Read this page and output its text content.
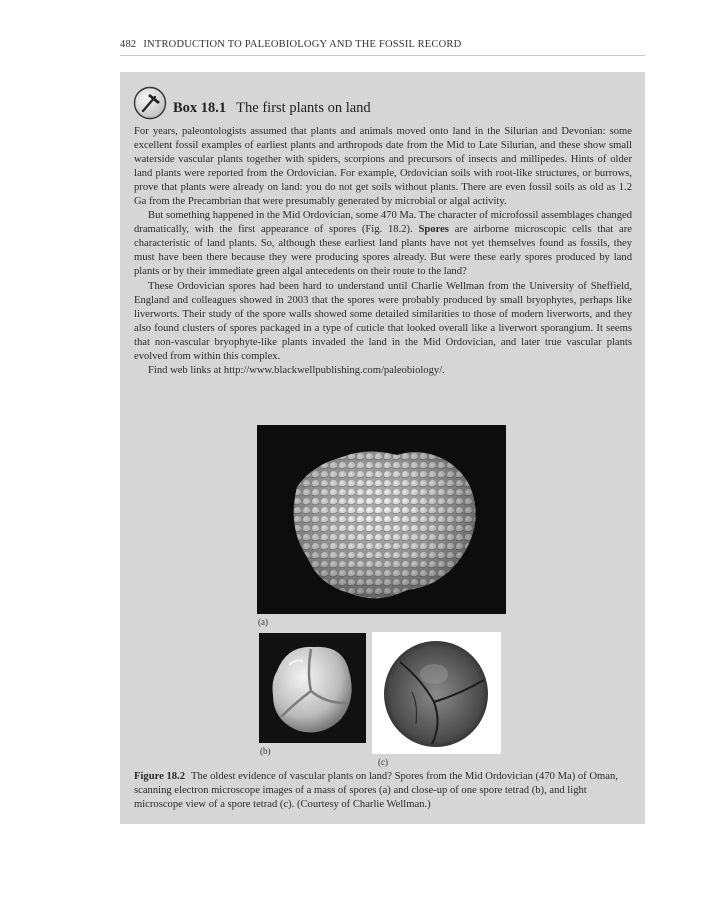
482 INTRODUCTION TO PALEOBIOLOGY AND THE FOSSIL RECORD
Box 18.1 The first plants on land

For years, paleontologists assumed that plants and animals moved onto land in the Silurian and Devonian: some excellent fossil examples of earliest plants and arthropods date from the Mid to Late Silurian, and these show small waterside vascular plants together with spiders, scorpions and precursors of insects and millipedes. Hints of older land plants were reported from the Ordovician. For example, Ordovician soils with root-like structures, or burrows, prove that plants were already on land: you do not get soils without plants. There are even fossil soils as old as 1.2 Ga from the Precambrian that were presumably generated by microbial or algal activity.

But something happened in the Mid Ordovician, some 470 Ma. The character of microfossil assemblages changed dramatically, with the first appearance of spores (Fig. 18.2). Spores are airborne microscopic cells that are characteristic of land plants. So, although these earliest land plants have not yet themselves found as fossils, they must have been there because they were producing spores already. But were these early spores produced by land plants or by their immediate green algal antecedents on their route to the land?

These Ordovician spores had been hard to understand until Charlie Wellman from the University of Sheffield, England and colleagues showed in 2003 that the spores were probably produced by small bryophytes, perhaps like liverworts. Their study of the spore walls showed some detailed similarities to those of modern liverworts, and they also found clusters of spores packaged in a type of cuticle that looked overall like a liverwort sporangium. It seems that non-vascular bryophyte-like plants invaded the land in the Mid Ordovician, and later true vascular plants evolved from within this complex.

Find web links at http://www.blackwellpublishing.com/paleobiology/.

(a)
(b)
(c)
Figure 18.2 The oldest evidence of vascular plants on land? Spores from the Mid Ordovician (470 Ma) of Oman, scanning electron microscope images of a mass of spores (a) and close-up of one spore tetrad (b), and light microscope view of a spore tetrad (c). (Courtesy of Charlie Wellman.)
